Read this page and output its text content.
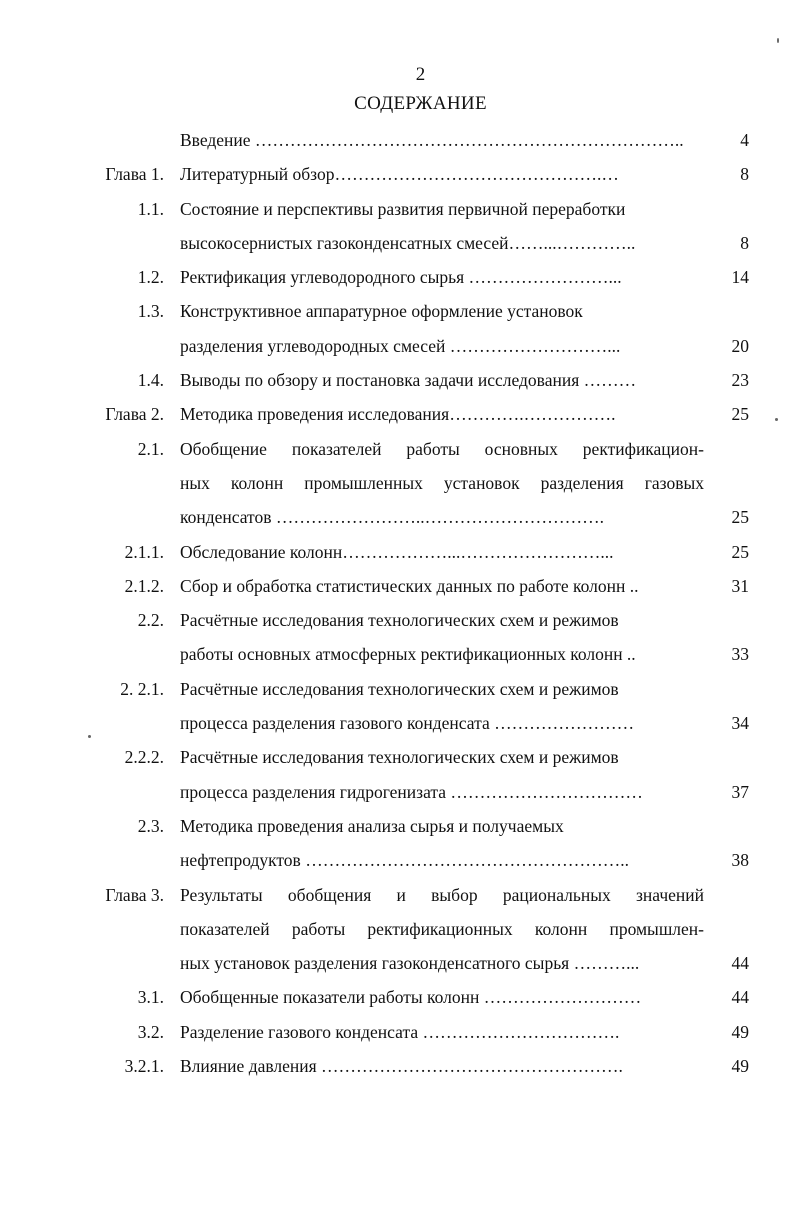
2
СОДЕРЖАНИЕ
Введение ………………………………………………………………..	4
Глава 1. Литературный обзор……………………………………….…	8
1.1. Состояние и перспективы развития первичной переработки
высокосернистых газоконденсатных смесей……...…………..	8
1.2. Ректификация углеводородного сырья ……………………...	14
1.3. Конструктивное аппаратурное оформление установок
разделения углеводородных смесей ………………………...	20
1.4. Выводы по обзору и постановка задачи исследования ………	23
Глава 2. Методика проведения исследования………….…………….	25
2.1. Обобщение показателей работы основных ректификацион-
ных колонн промышленных установок разделения газовых
конденсатов ……………………..………………………….	25
2.1.1. Обследование колонн………………...……………………...	25
2.1.2. Сбор и обработка статистических данных по работе колонн ..	31
2.2. Расчётные исследования технологических схем и режимов
работы основных атмосферных ректификационных колонн ..	33
2. 2.1. Расчётные исследования технологических схем и режимов
процесса разделения газового конденсата ……………………	34
2.2.2. Расчётные исследования технологических схем и режимов
процесса разделения гидрогенизата ……………………………	37
2.3. Методика проведения анализа сырья и получаемых
нефтепродуктов ………………………………………………..	38
Глава 3. Результаты обобщения и выбор рациональных значений
показателей работы ректификационных колонн промышлен-
ных установок разделения газоконденсатного сырья ………...	44
3.1. Обобщенные показатели работы колонн ………………………	44
3.2. Разделение газового конденсата …………………………….	49
3.2.1. Влияние давления …………………………………………….	49
